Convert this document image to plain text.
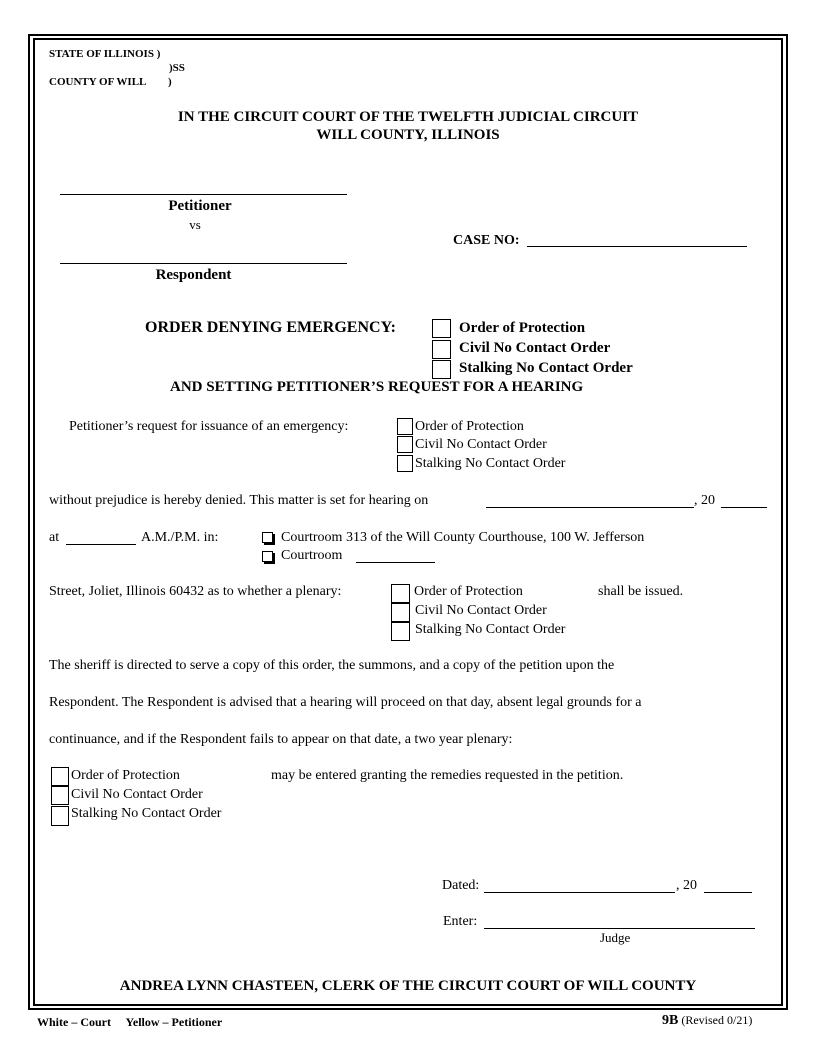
STATE OF ILLINOIS )
)SS
COUNTY OF WILL )
IN THE CIRCUIT COURT OF THE TWELFTH JUDICIAL CIRCUIT
WILL COUNTY, ILLINOIS
Petitioner
vs
CASE NO:
Respondent
ORDER DENYING EMERGENCY:	Order of Protection
Civil No Contact Order
Stalking No Contact Order
AND SETTING PETITIONER’S REQUEST FOR A HEARING
Petitioner’s request for issuance of an emergency:	Order of Protection
Civil No Contact Order
Stalking No Contact Order
without prejudice is hereby denied. This matter is set for hearing on	, 20
at	A.M./P.M. in:	Courtroom 313 of the Will County Courthouse, 100 W. Jefferson
Courtroom
Street, Joliet, Illinois 60432 as to whether a plenary:	Order of Protection
Civil No Contact Order
Stalking No Contact Order
shall be issued.
The sheriff is directed to serve a copy of this order, the summons, and a copy of the petition upon the
Respondent. The Respondent is advised that a hearing will proceed on that day, absent legal grounds for a
continuance, and if the Respondent fails to appear on that date, a two year plenary:
Order of Protection
Civil No Contact Order
Stalking No Contact Order
may be entered granting the remedies requested in the petition.
Dated:	, 20
Enter:
Judge
ANDREA LYNN CHASTEEN, CLERK OF THE CIRCUIT COURT OF WILL COUNTY
White – Court     Yellow – Petitioner	9B (Revised 0/21)
